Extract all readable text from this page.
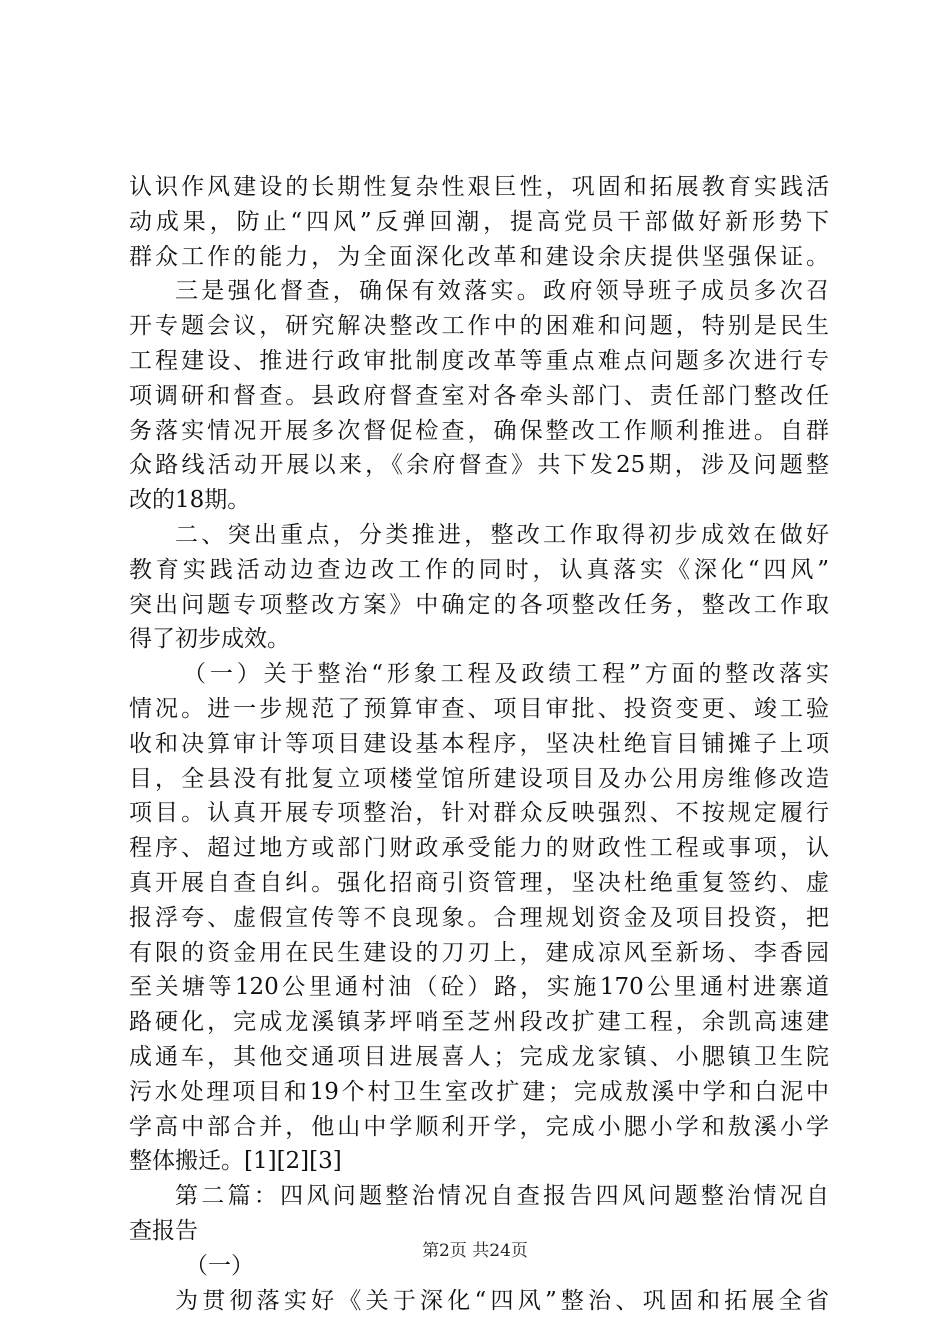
认识作风建设的长期性复杂性艰巨性，巩固和拓展教育实践活
动成果，防止“四风”反弹回潮，提高党员干部做好新形势下
群众工作的能力，为全面深化改革和建设余庆提供坚强保证。
三是强化督查，确保有效落实。政府领导班子成员多次召
开专题会议，研究解决整改工作中的困难和问题，特别是民生
工程建设、推进行政审批制度改革等重点难点问题多次进行专
项调研和督查。县政府督查室对各牵头部门、责任部门整改任
务落实情况开展多次督促检查，确保整改工作顺利推进。自群
众路线活动开展以来，《余府督查》共下发25期，涉及问题整
改的18期。
二、突出重点，分类推进，整改工作取得初步成效在做好
教育实践活动边查边改工作的同时，认真落实《深化“四风”
突出问题专项整改方案》中确定的各项整改任务，整改工作取
得了初步成效。
（一）关于整治“形象工程及政绩工程”方面的整改落实
情况。进一步规范了预算审查、项目审批、投资变更、竣工验
收和决算审计等项目建设基本程序，坚决杜绝盲目铺摊子上项
目，全县没有批复立项楼堂馆所建设项目及办公用房维修改造
项目。认真开展专项整治，针对群众反映强烈、不按规定履行
程序、超过地方或部门财政承受能力的财政性工程或事项，认
真开展自查自纠。强化招商引资管理，坚决杜绝重复签约、虚
报浮夸、虚假宣传等不良现象。合理规划资金及项目投资，把
有限的资金用在民生建设的刀刃上，建成凉风至新场、李香园
至关塘等120公里通村油（砼）路，实施170公里通村进寨道
路硬化，完成龙溪镇茅坪哨至芝州段改扩建工程，余凯高速建
成通车，其他交通项目进展喜人；完成龙家镇、小腮镇卫生院
污水处理项目和19个村卫生室改扩建；完成敖溪中学和白泥中
学高中部合并，他山中学顺利开学，完成小腮小学和敖溪小学
整体搬迁。[1][2][3]
第二篇：四风问题整治情况自查报告四风问题整治情况自
查报告
（一）
为贯彻落实好《关于深化“四风”整治、巩固和拓展全省
第2页 共24页
